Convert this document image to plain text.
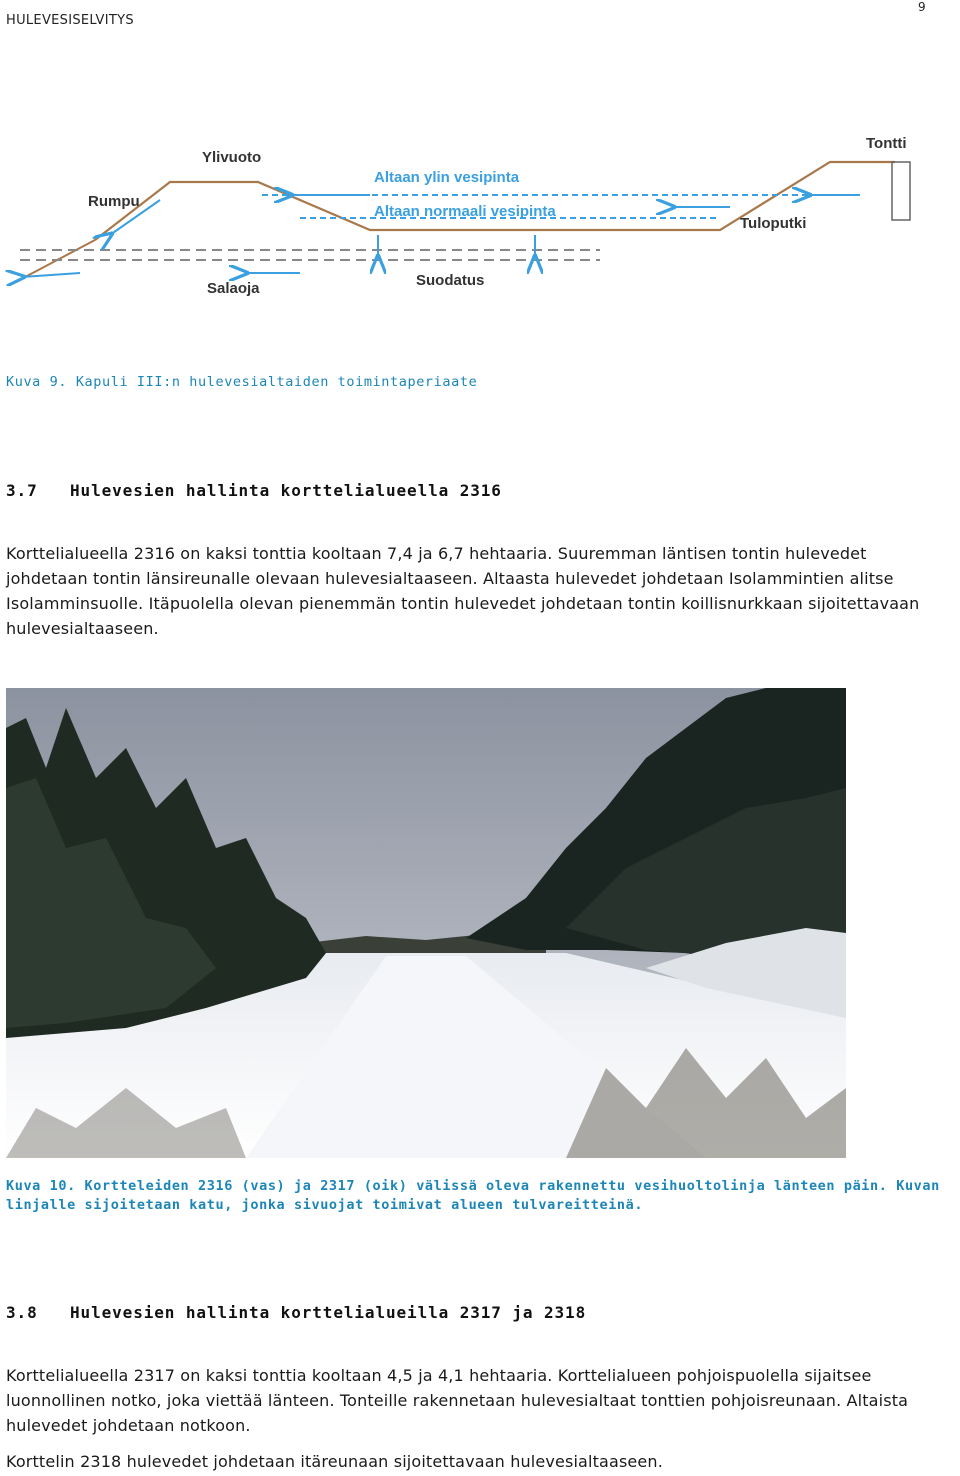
HULEVESISELVITYS
9
Ylivuoto
Rumpu
Altaan ylin vesipinta
Altaan normaali vesipinta
Tontti
Tuloputki
Salaoja	Suodatus
Kuva 9. Kapuli III:n hulevesialtaiden toimintaperiaate
3.7 Hulevesien hallinta korttelialueella 2316
Korttelialueella 2316 on kaksi tonttia kooltaan 7,4 ja 6,7 hehtaaria. Suuremman läntisen tontin hulevedet johdetaan tontin länsireunalle olevaan hulevesialtaaseen. Altaasta hulevedet johdetaan Isolammintien alitse Isolamminsuolle. Itäpuolella olevan pienemmän tontin hulevedet johdetaan tontin koillisnurkkaan sijoitettavaan hulevesialtaaseen.
Kuva 10. Kortteleiden 2316 (vas) ja 2317 (oik) välissä oleva rakennettu vesihuoltolinja länteen päin. Kuvan linjalle sijoitetaan katu, jonka sivuojat toimivat alueen tulvareitteinä.
3.8 Hulevesien hallinta korttelialueilla 2317 ja 2318
Korttelialueella 2317 on kaksi tonttia kooltaan 4,5 ja 4,1 hehtaaria. Korttelialueen pohjoispuolella sijaitsee luonnollinen notko, joka viettää länteen. Tonteille rakennetaan hulevesialtaat tonttien pohjoisreunaan. Altaista hulevedet johdetaan notkoon.
Korttelin 2318 hulevedet johdetaan itäreunaan sijoitettavaan hulevesialtaaseen.
